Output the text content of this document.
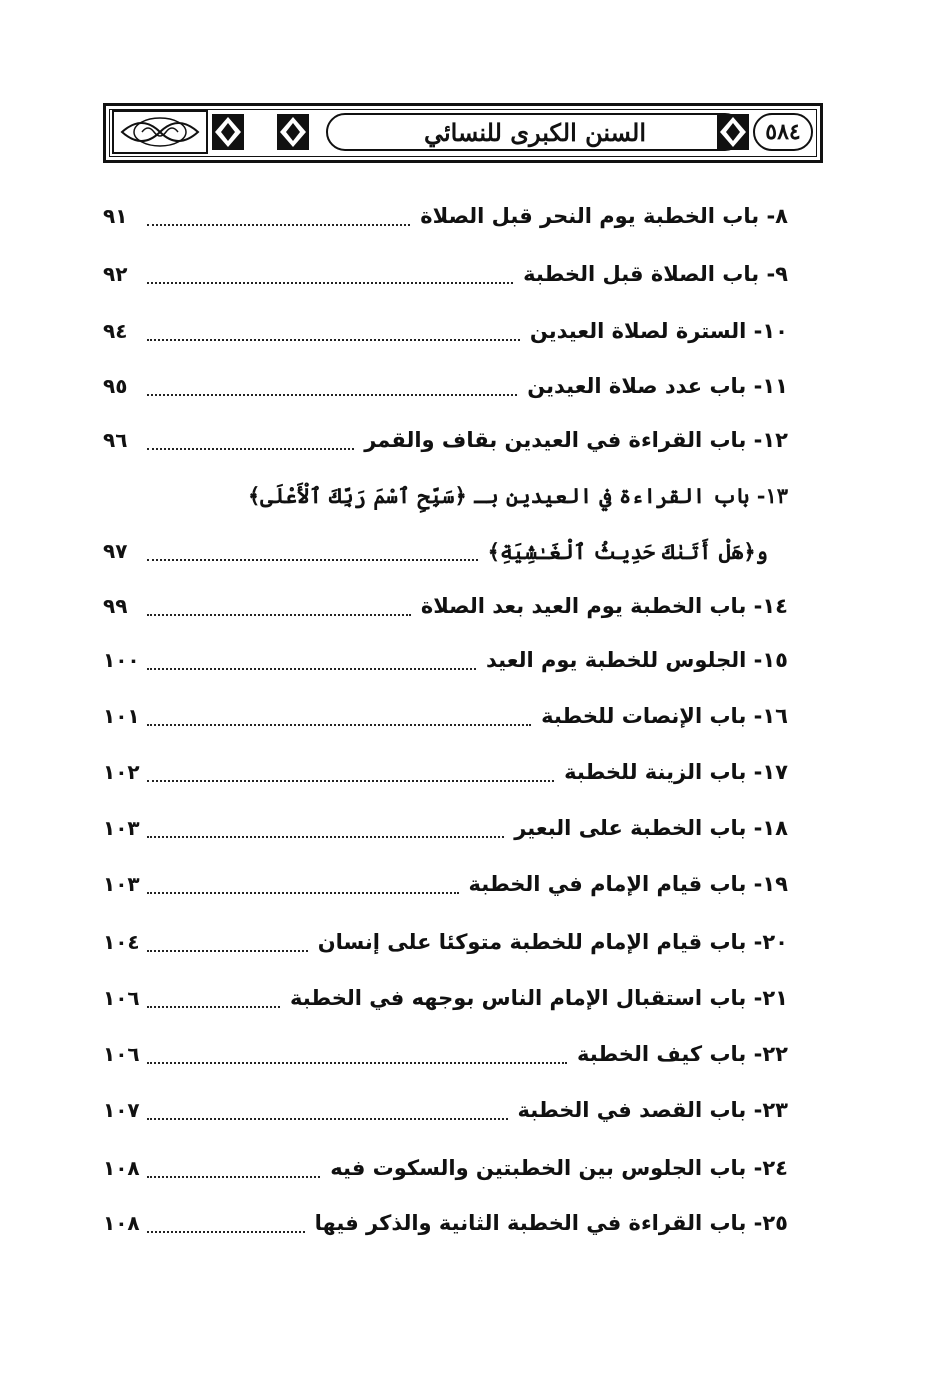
السنن الكبرى للنسائي	٥٨٤
٨- باب الخطبة يوم النحر قبل الصلاة
٩١
٩- باب الصلاة قبل الخطبة
٩٢
١٠- السترة لصلاة العيدين
٩٤
١١- باب عدد صلاة العيدين
٩٥
١٢- باب القراءة في العيدين بقاف والقمر
٩٦
١٣- باب القراءة في العيدين بـ ﴿سَبِّحِ ٱسْمَ رَبِّكَ ٱلْأَعْلَى﴾
و﴿هَلْ أَتَىٰكَ حَدِيثُ ٱلْغَـٰشِيَةِ﴾
٩٧
١٤- باب الخطبة يوم العيد بعد الصلاة
٩٩
١٥- الجلوس للخطبة يوم العيد
١٠٠
١٦- باب الإنصات للخطبة
١٠١
١٧- باب الزينة للخطبة
١٠٢
١٨- باب الخطبة على البعير
١٠٣
١٩- باب قيام الإمام في الخطبة
١٠٣
٢٠- باب قيام الإمام للخطبة متوكئا على إنسان
١٠٤
٢١- باب استقبال الإمام الناس بوجهه في الخطبة
١٠٦
٢٢- باب كيف الخطبة
١٠٦
٢٣- باب القصد في الخطبة
١٠٧
٢٤- باب الجلوس بين الخطبتين والسكوت فيه
١٠٨
٢٥- باب القراءة في الخطبة الثانية والذكر فيها
١٠٨
